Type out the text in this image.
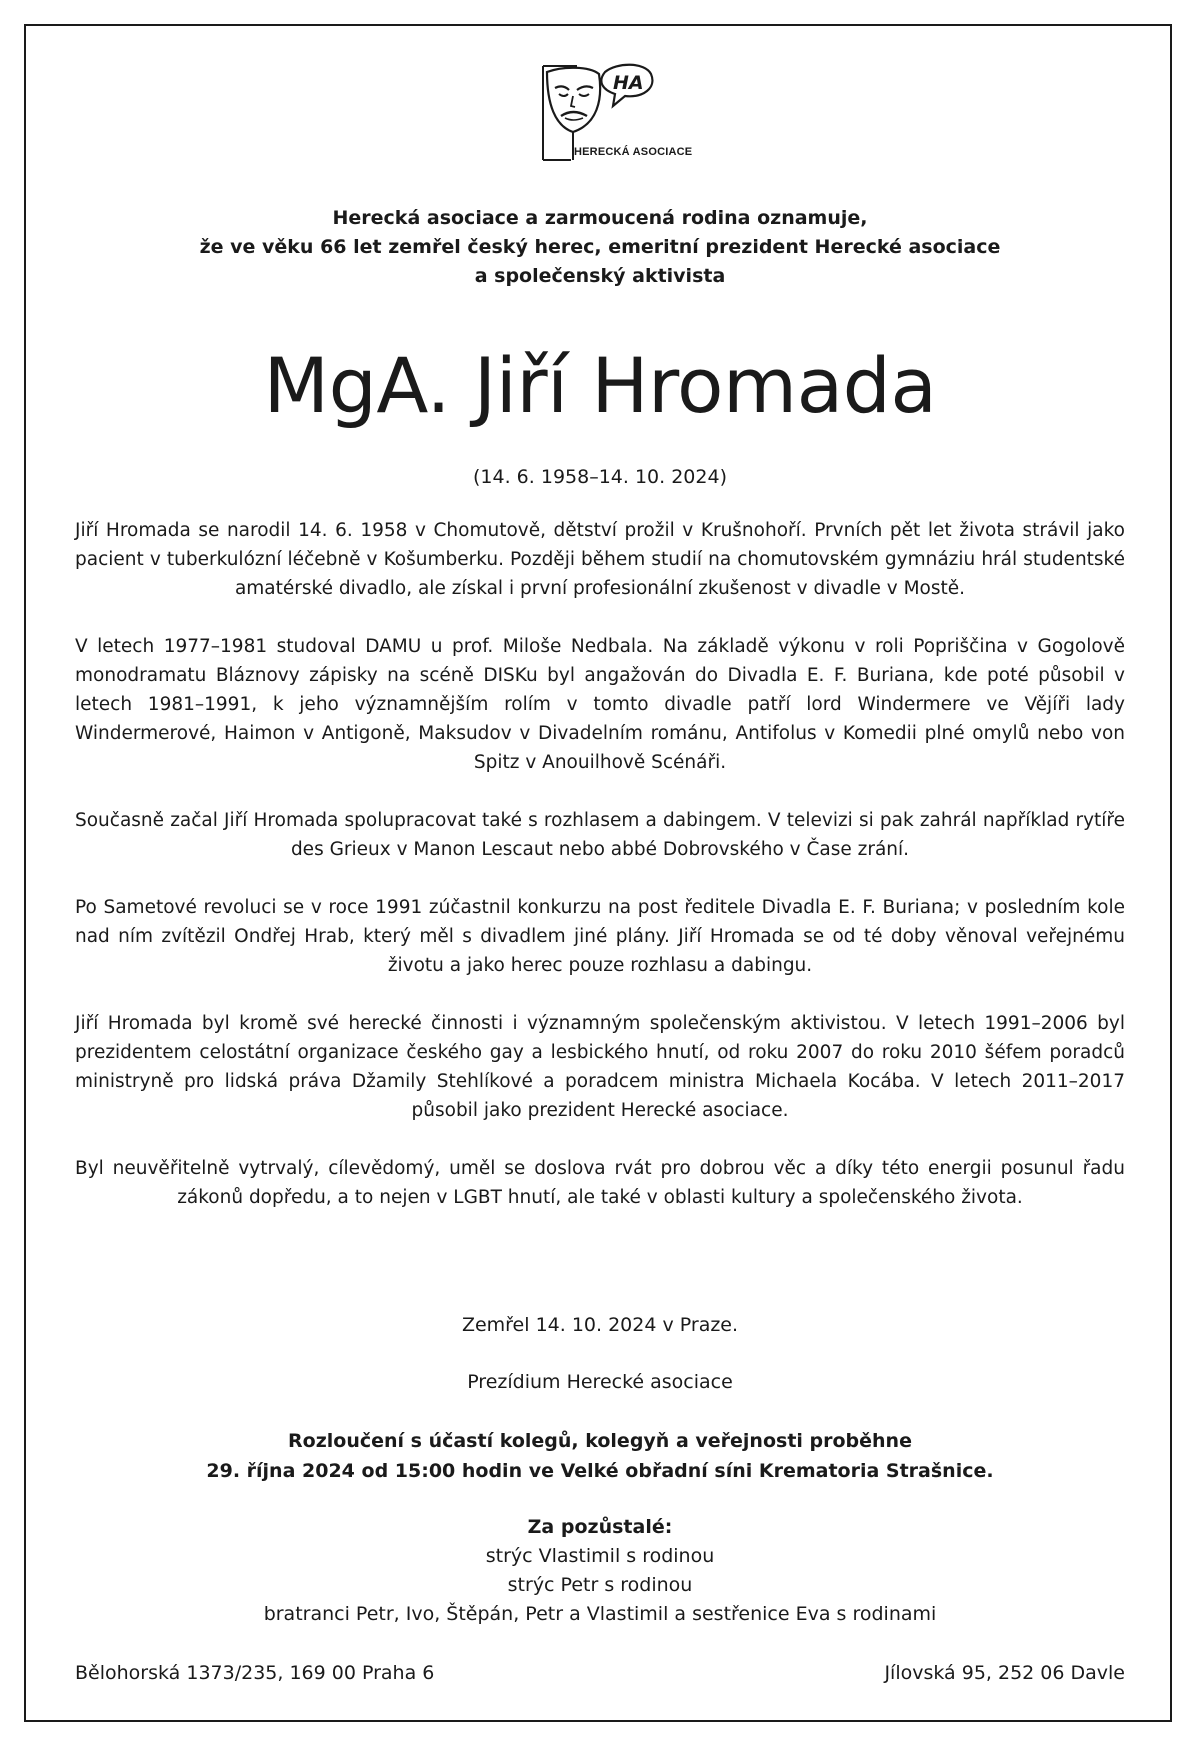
HA
HERECKÁ ASOCIACE
Herecká asociace a zarmoucená rodina oznamuje,
že ve věku 66 let zemřel český herec, emeritní prezident Herecké asociace
a společenský aktivista
MgA. Jiří Hromada
(14. 6. 1958–14. 10. 2024)

Jiří Hromada se narodil 14. 6. 1958 v Chomutově, dětství prožil v Krušnohoří. Prvních pět let života strávil jako pacient v tuberkulózní léčebně v Košumberku. Později během studií na chomutovském gymnáziu hrál studentské amatérské divadlo, ale získal i první profesionální zkušenost v divadle v Mostě.

V letech 1977–1981 studoval DAMU u prof. Miloše Nedbala. Na základě výkonu v roli Popriščina v Gogolově monodramatu Bláznovy zápisky na scéně DISKu byl angažován do Divadla E. F. Buriana, kde poté působil v letech 1981–1991, k jeho významnějším rolím v tomto divadle patří lord Windermere ve Vějíři lady Windermerové, Haimon v Antigoně, Maksudov v Divadelním románu, Antifolus v Komedii plné omylů nebo von Spitz v Anouilhově Scénáři.

Současně začal Jiří Hromada spolupracovat také s rozhlasem a dabingem. V televizi si pak zahrál například rytíře des Grieux v Manon Lescaut nebo abbé Dobrovského v Čase zrání.

Po Sametové revoluci se v roce 1991 zúčastnil konkurzu na post ředitele Divadla E. F. Buriana; v posledním kole nad ním zvítězil Ondřej Hrab, který měl s divadlem jiné plány. Jiří Hromada se od té doby věnoval veřejnému životu a jako herec pouze rozhlasu a dabingu.

Jiří Hromada byl kromě své herecké činnosti i významným společenským aktivistou. V letech 1991–2006 byl prezidentem celostátní organizace českého gay a lesbického hnutí, od roku 2007 do roku 2010 šéfem poradců ministryně pro lidská práva Džamily Stehlíkové a poradcem ministra Michaela Kocába. V letech 2011–2017 působil jako prezident Herecké asociace.

Byl neuvěřitelně vytrvalý, cílevědomý, uměl se doslova rvát pro dobrou věc a díky této energii posunul řadu zákonů dopředu, a to nejen v LGBT hnutí, ale také v oblasti kultury a společenského života.

Zemřel 14. 10. 2024 v Praze.
Prezídium Herecké asociace
Rozloučení s účastí kolegů, kolegyň a veřejnosti proběhne
29. října 2024 od 15:00 hodin ve Velké obřadní síni Krematoria Strašnice.
Za pozůstalé:
strýc Vlastimil s rodinou
strýc Petr s rodinou
bratranci Petr, Ivo, Štěpán, Petr a Vlastimil a sestřenice Eva s rodinami
Bělohorská 1373/235, 169 00 Praha 6	Jílovská 95, 252 06 Davle
